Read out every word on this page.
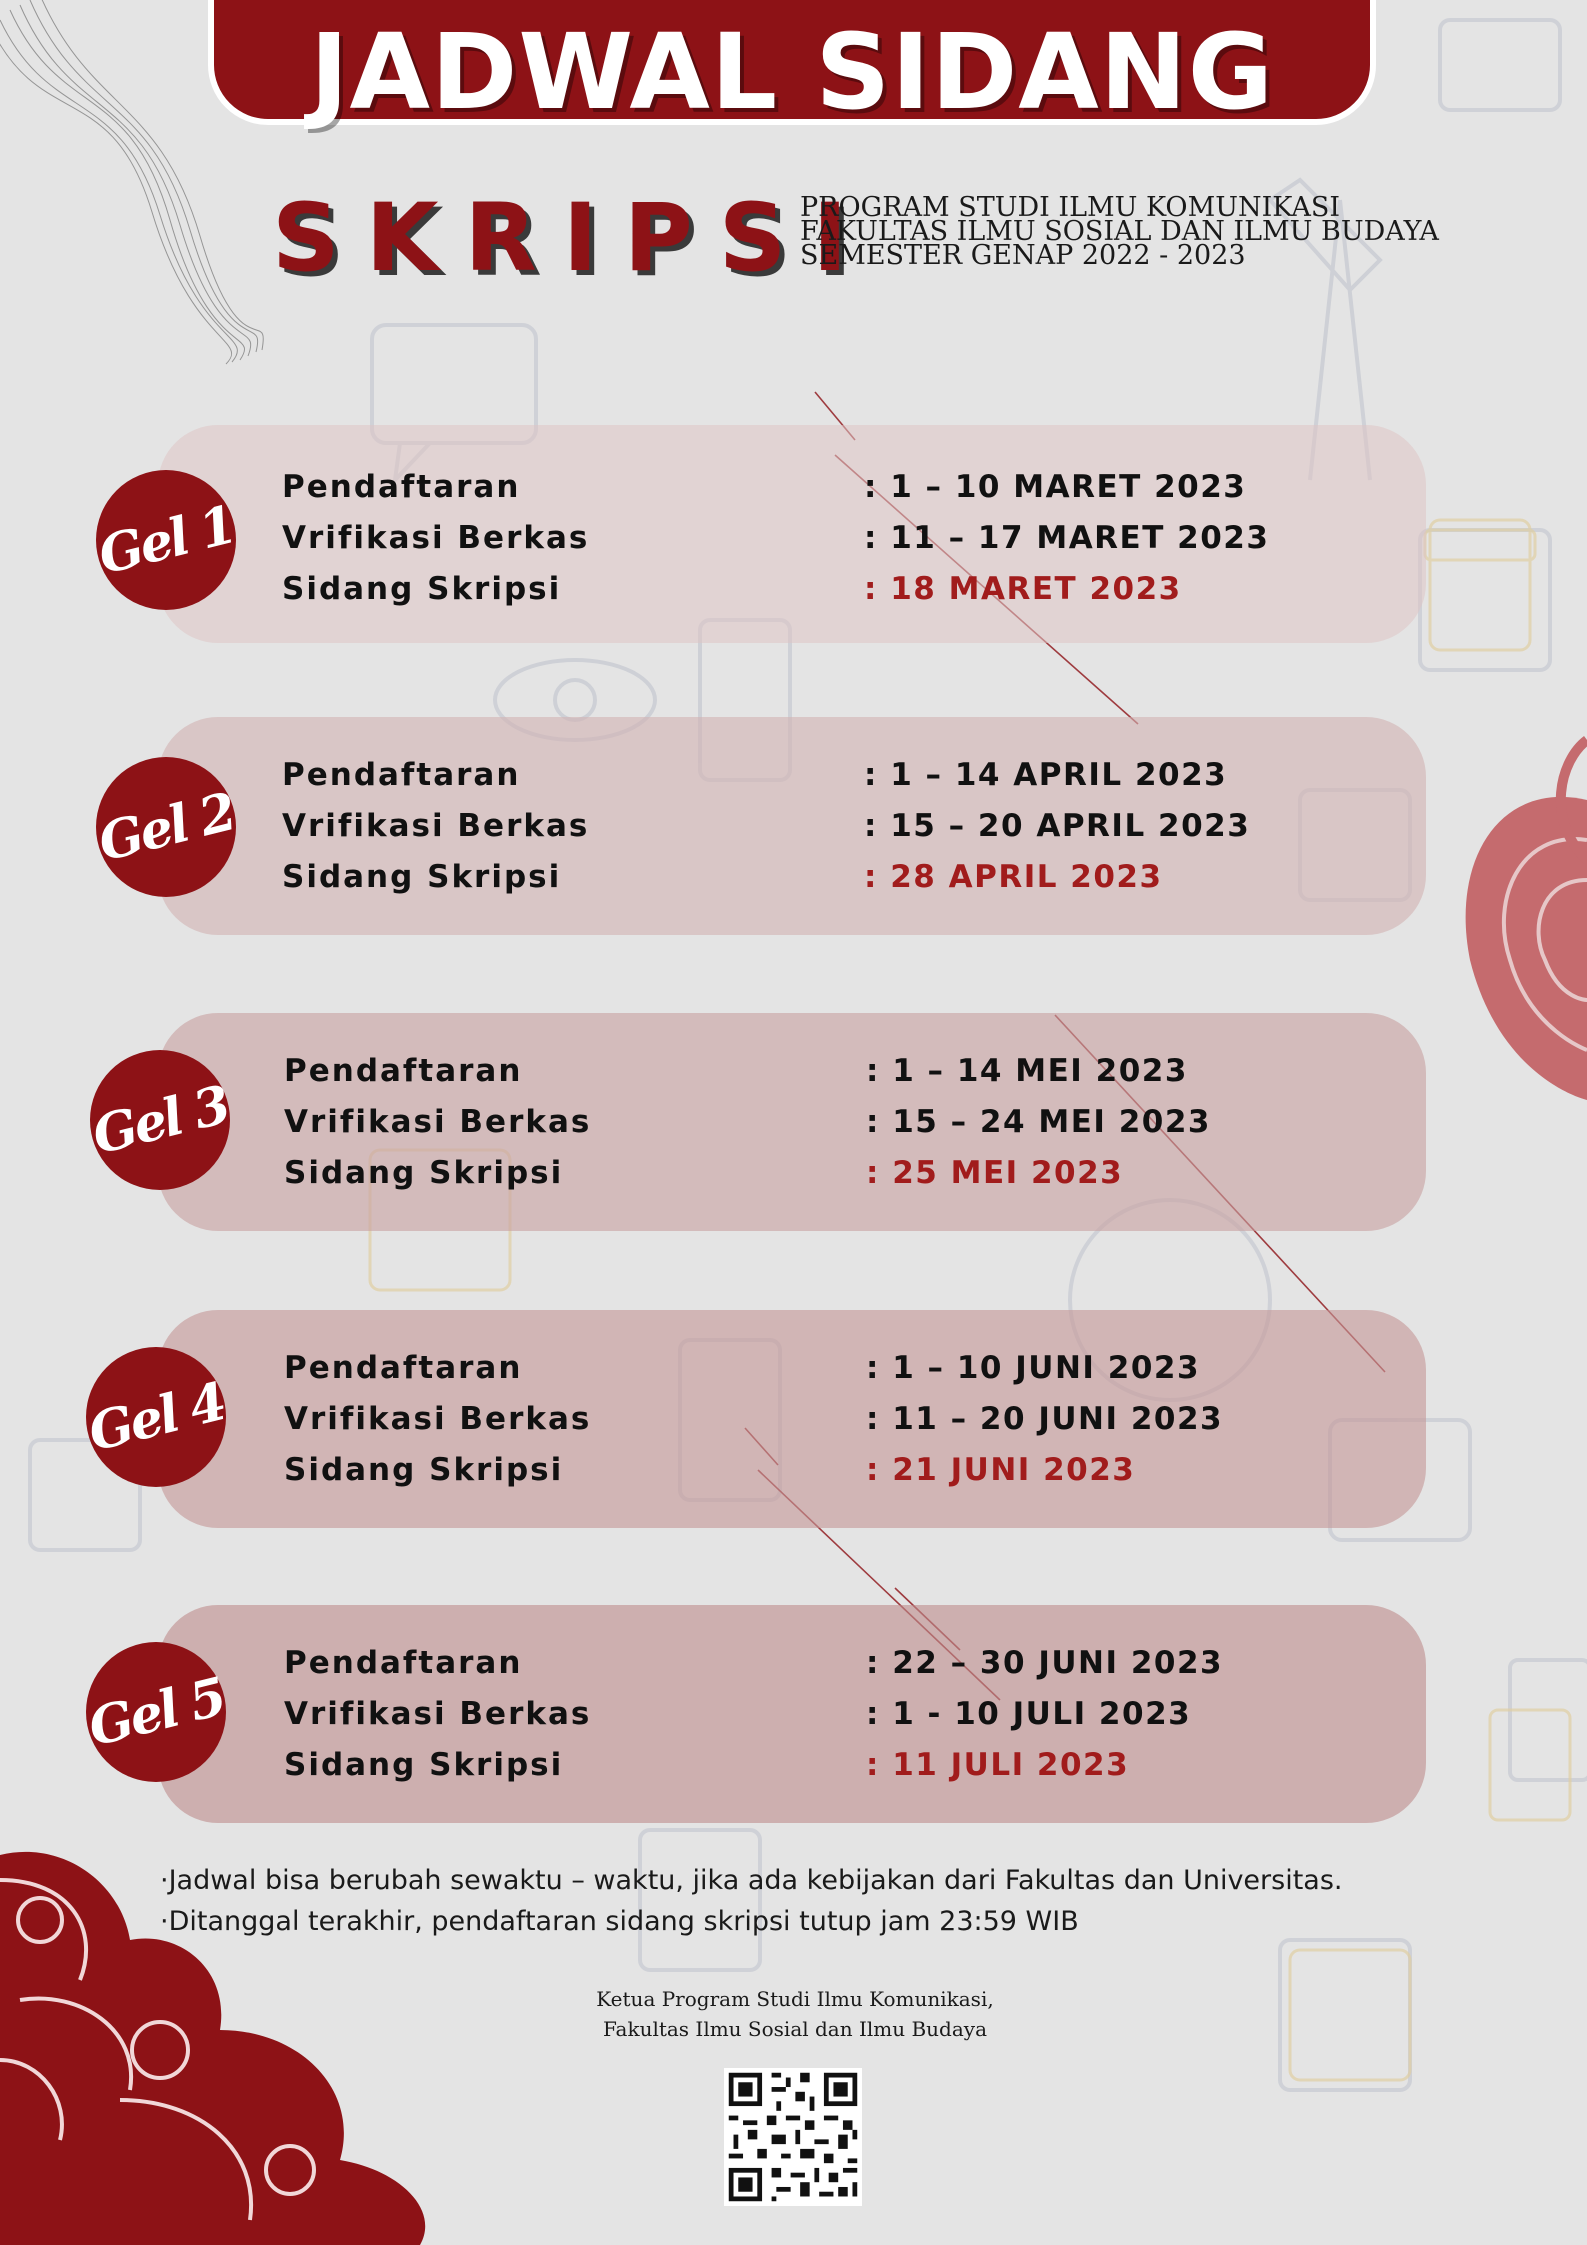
JADWAL SIDANG
SKRIPSI
PROGRAM STUDI ILMU KOMUNIKASI
FAKULTAS ILMU SOSIAL DAN ILMU BUDAYA
SEMESTER GENAP 2022 - 2023
Gel 1
Pendaftaran	: 1 – 10 MARET 2023
Vrifikasi Berkas	: 11 – 17 MARET 2023
Sidang Skripsi	: 18 MARET 2023
Gel 2
Pendaftaran	: 1 – 14 APRIL 2023
Vrifikasi Berkas	: 15 – 20 APRIL 2023
Sidang Skripsi	: 28 APRIL 2023
Gel 3
Pendaftaran	: 1 – 14 MEI 2023
Vrifikasi Berkas	: 15 – 24 MEI 2023
Sidang Skripsi	: 25 MEI 2023
Gel 4
Pendaftaran	: 1 – 10 JUNI 2023
Vrifikasi Berkas	: 11 – 20 JUNI 2023
Sidang Skripsi	: 21 JUNI 2023
Gel 5
Pendaftaran	: 22 – 30 JUNI 2023
Vrifikasi Berkas	: 1 - 10 JULI 2023
Sidang Skripsi	: 11 JULI 2023
·Jadwal bisa berubah sewaktu – waktu, jika ada kebijakan dari Fakultas dan Universitas.
·Ditanggal terakhir, pendaftaran sidang skripsi tutup jam 23:59 WIB
Ketua Program Studi Ilmu Komunikasi,
Fakultas Ilmu Sosial dan Ilmu Budaya
